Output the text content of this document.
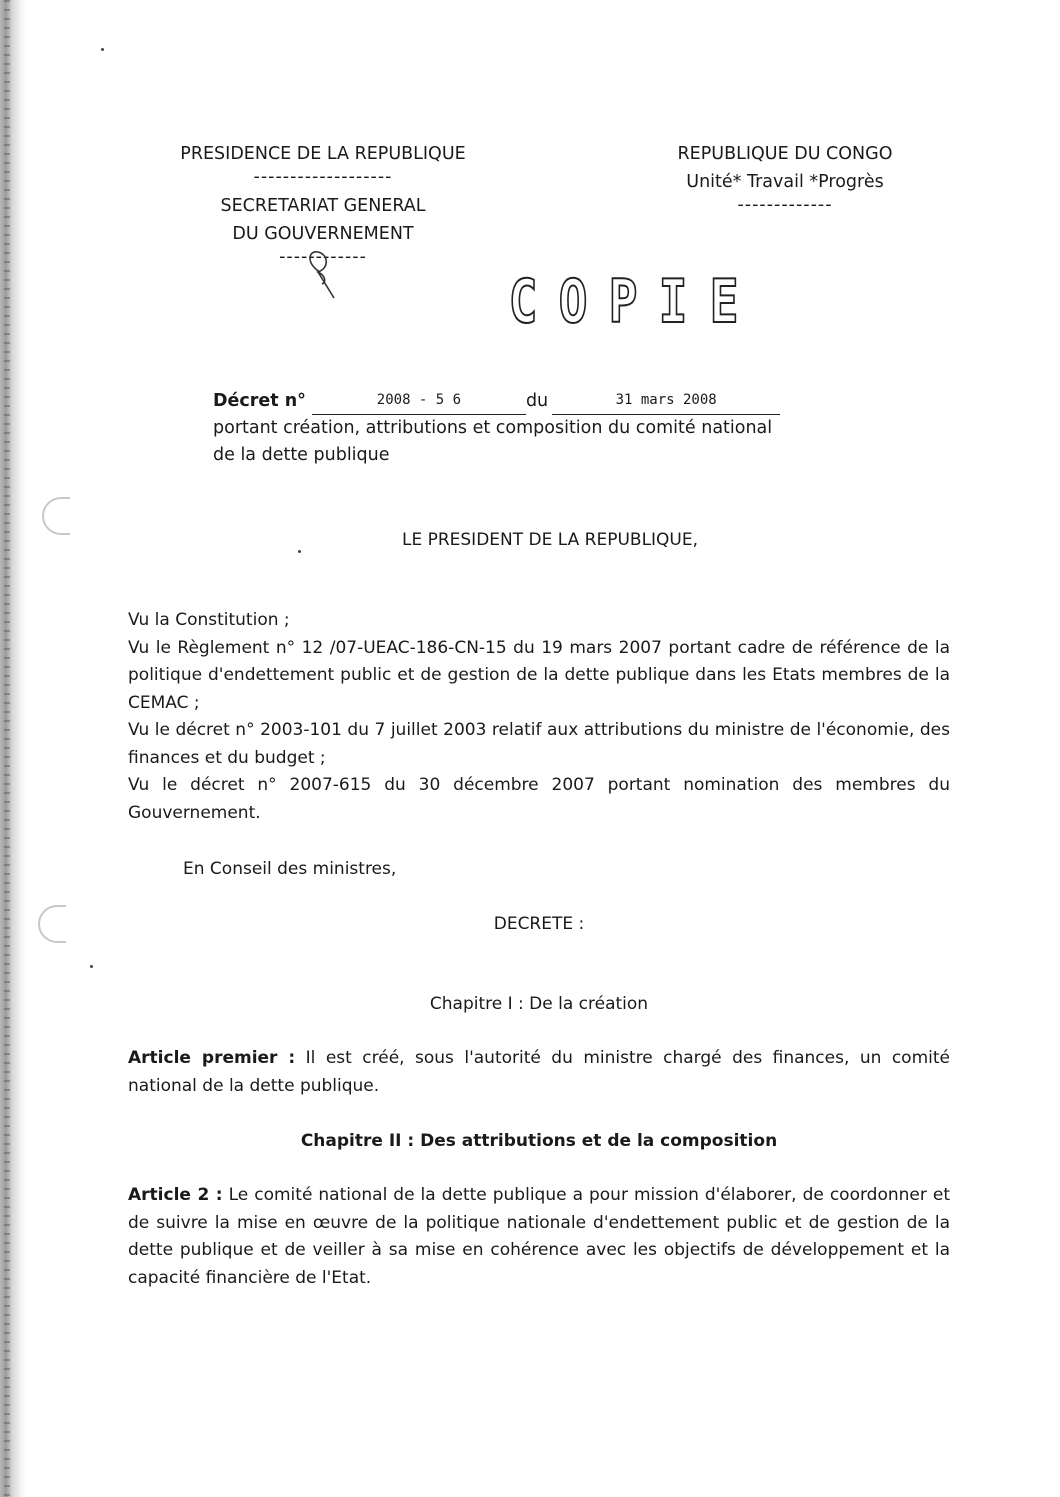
PRESIDENCE DE LA REPUBLIQUE
-------------------
SECRETARIAT GENERAL
DU GOUVERNEMENT
------------
REPUBLIQUE DU CONGO
Unité* Travail *Progrès
-------------
C O P I E
Décret n°	2008 - 5 6	du	31 mars 2008
portant création, attributions et composition du comité national
de la dette publique
LE PRESIDENT DE LA REPUBLIQUE,

Vu la Constitution ;

Vu le Règlement n° 12 /07-UEAC-186-CN-15 du 19 mars 2007 portant cadre de référence de la politique d'endettement public et de gestion de la dette publique dans les Etats membres de la CEMAC ;

Vu le décret n° 2003-101 du 7 juillet 2003 relatif aux attributions du ministre de l'économie, des finances et du budget ;

Vu le décret n° 2007-615 du 30 décembre 2007 portant nomination des membres du Gouvernement.

En Conseil des ministres,
DECRETE :
Chapitre I : De la création
Article premier : Il est créé, sous l'autorité du ministre chargé des finances, un comité national de la dette publique.
Chapitre II : Des attributions et de la composition
Article 2 : Le comité national de la dette publique a pour mission d'élaborer, de coordonner et de suivre la mise en œuvre de la politique nationale d'endettement public et de gestion de la dette publique et de veiller à sa mise en cohérence avec les objectifs de développement et la capacité financière de l'Etat.
